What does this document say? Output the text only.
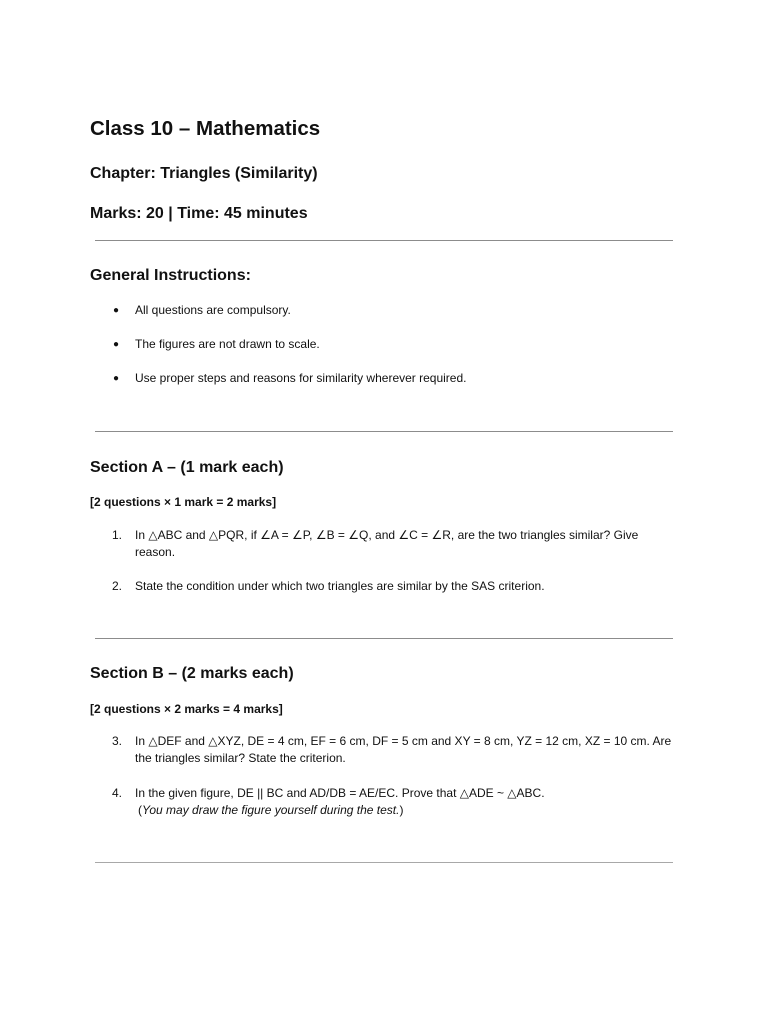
Class 10 – Mathematics
Chapter: Triangles (Similarity)
Marks: 20 | Time: 45 minutes
General Instructions:
●	All questions are compulsory.
●	The figures are not drawn to scale.
●	Use proper steps and reasons for similarity wherever required.
Section A – (1 mark each)

[2 questions × 1 mark = 2 marks]

1.	In △ABC and △PQR, if ∠A = ∠P, ∠B = ∠Q, and ∠C = ∠R, are the two triangles similar? Give reason.
2.	State the condition under which two triangles are similar by the SAS criterion.
Section B – (2 marks each)

[2 questions × 2 marks = 4 marks]

3.	In △DEF and △XYZ, DE = 4 cm, EF = 6 cm, DF = 5 cm and XY = 8 cm, YZ = 12 cm, XZ = 10 cm. Are the triangles similar? State the criterion.
4.	In the given figure, DE || BC and AD/DB = AE/EC. Prove that △ADE ~ △ABC.
(You may draw the figure yourself during the test.)
